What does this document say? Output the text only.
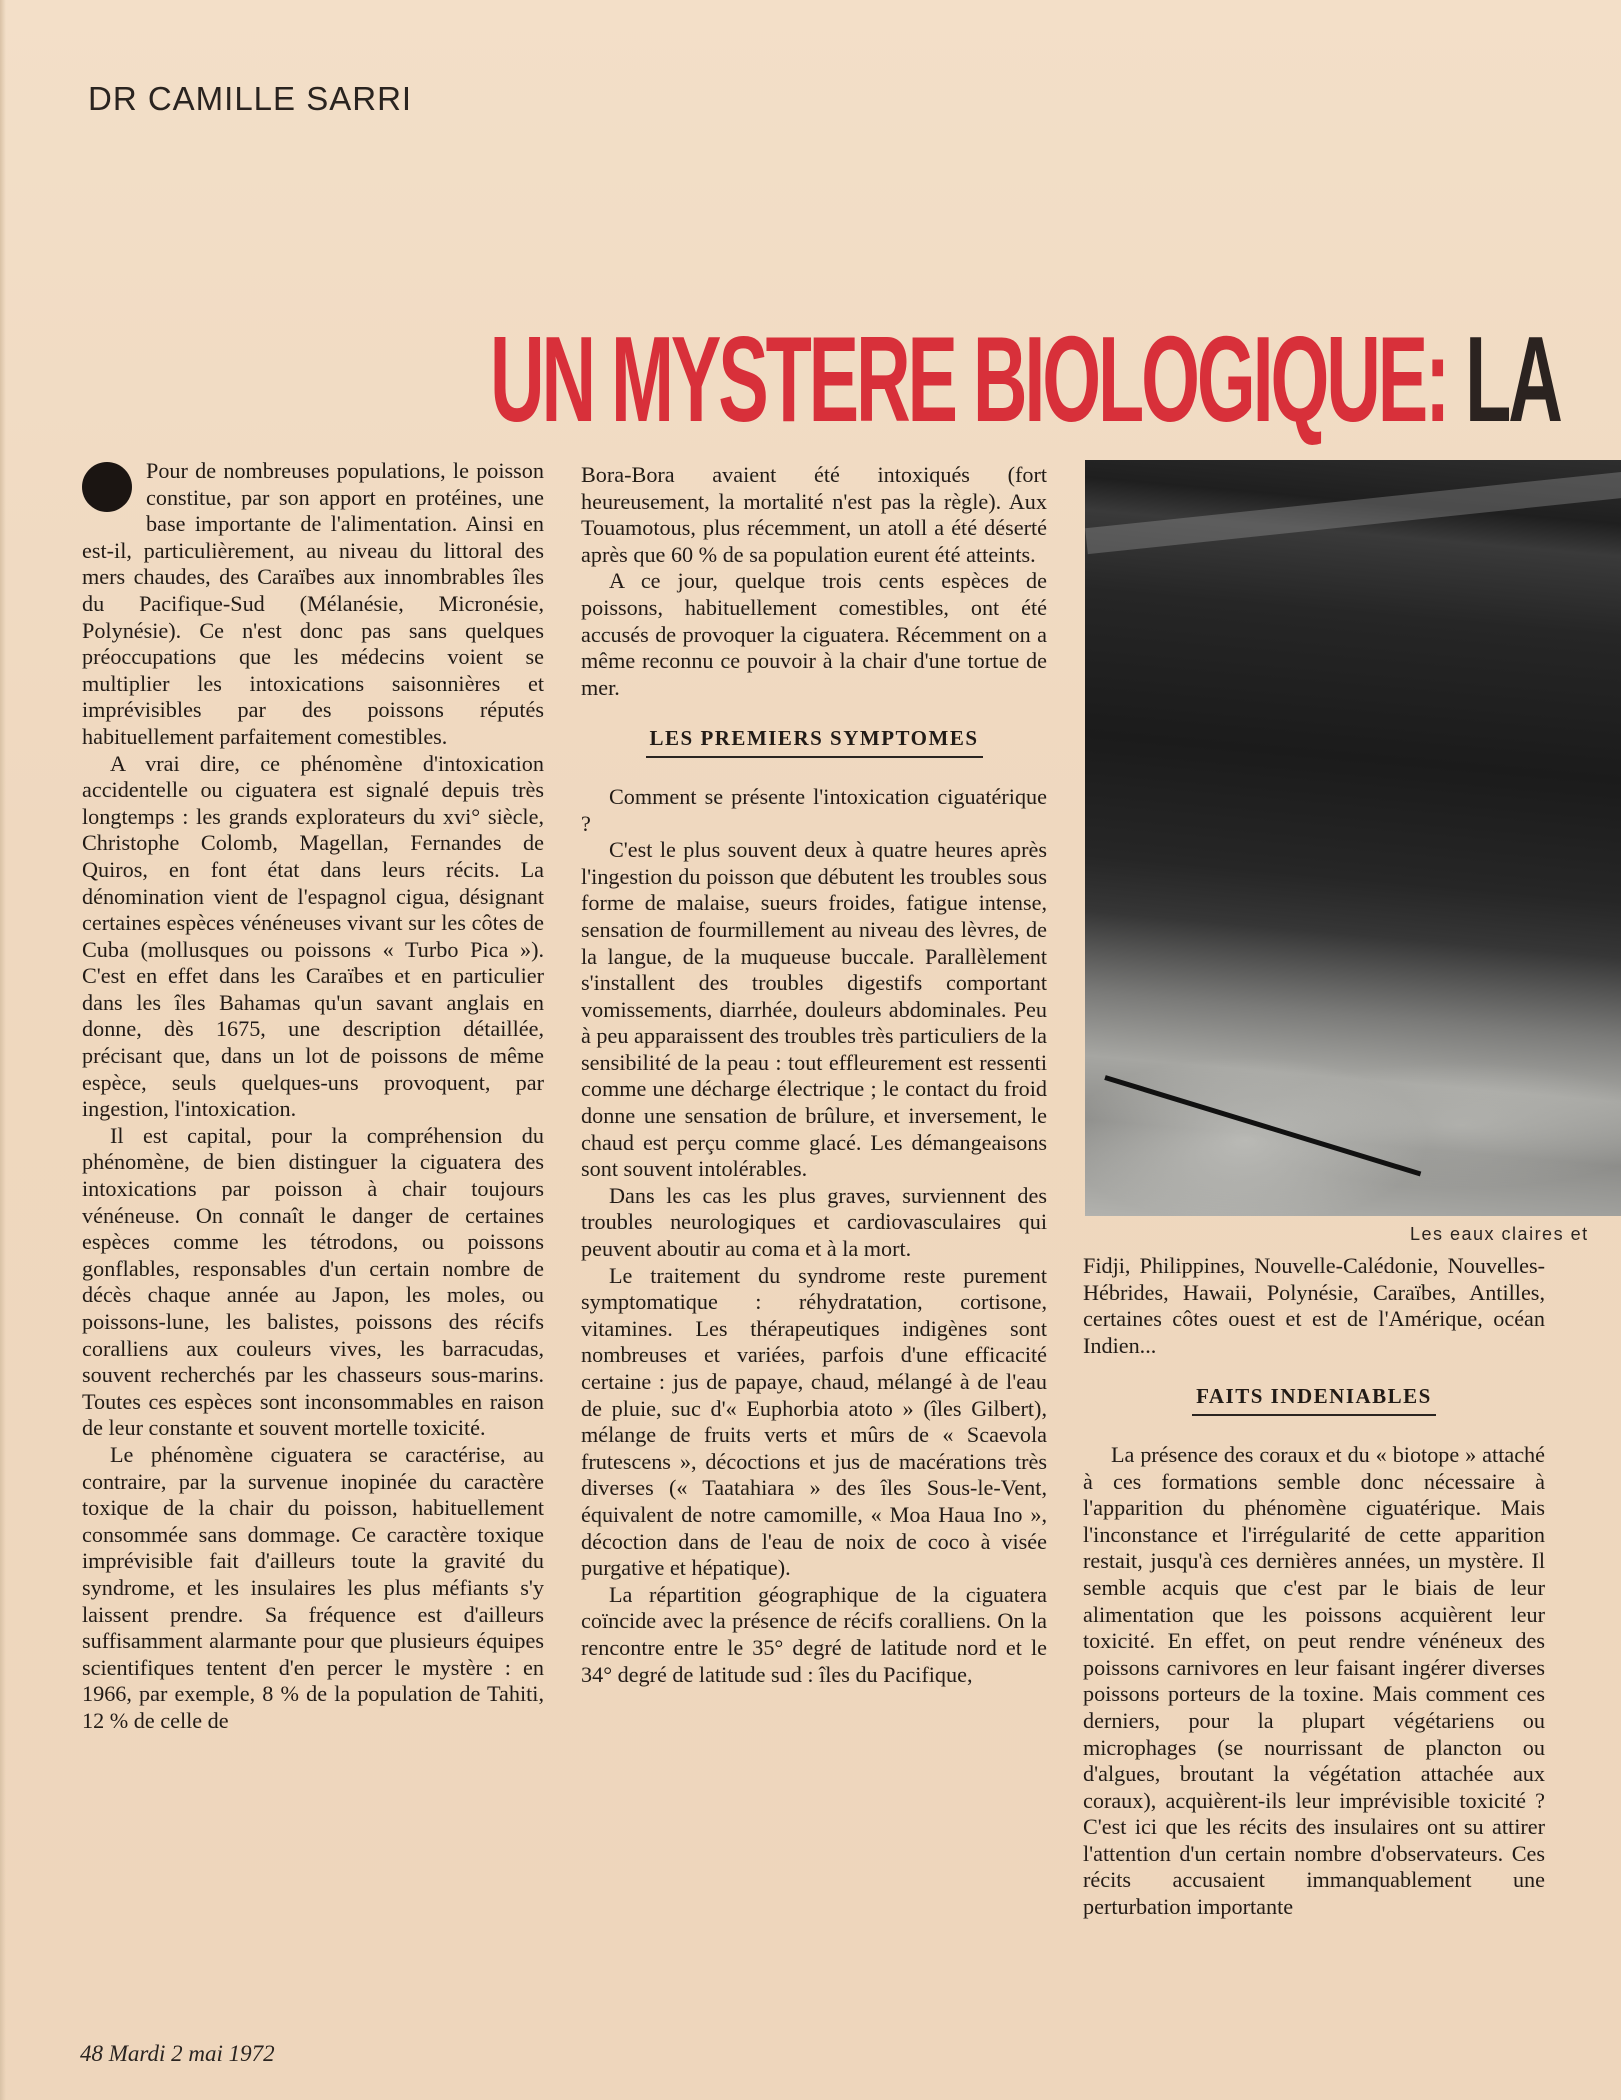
DR CAMILLE SARRI
UN MYSTERE BIOLOGIQUE: LA

Pour de nombreuses populations, le poisson constitue, par son apport en protéines, une base importante de l'alimentation. Ainsi en est-il, particulièrement, au niveau du littoral des mers chaudes, des Caraïbes aux innombrables îles du Pacifique-Sud (Mélanésie, Micronésie, Polynésie). Ce n'est donc pas sans quelques préoccupations que les médecins voient se multiplier les intoxications saisonnières et imprévisibles par des poissons réputés habituellement parfaitement comestibles.

A vrai dire, ce phénomène d'intoxication accidentelle ou ciguatera est signalé depuis très longtemps : les grands explorateurs du xvi° siècle, Christophe Colomb, Magellan, Fernandes de Quiros, en font état dans leurs récits. La dénomination vient de l'espagnol cigua, désignant certaines espèces vénéneuses vivant sur les côtes de Cuba (mollusques ou poissons « Turbo Pica »). C'est en effet dans les Caraïbes et en particulier dans les îles Bahamas qu'un savant anglais en donne, dès 1675, une description détaillée, précisant que, dans un lot de poissons de même espèce, seuls quelques-uns provoquent, par ingestion, l'intoxication.

Il est capital, pour la compréhension du phénomène, de bien distinguer la ciguatera des intoxications par poisson à chair toujours vénéneuse. On connaît le danger de certaines espèces comme les tétrodons, ou poissons gonflables, responsables d'un certain nombre de décès chaque année au Japon, les moles, ou poissons-lune, les balistes, poissons des récifs coralliens aux couleurs vives, les barracudas, souvent recherchés par les chasseurs sous-marins. Toutes ces espèces sont inconsommables en raison de leur constante et souvent mortelle toxicité.

Le phénomène ciguatera se caractérise, au contraire, par la survenue inopinée du caractère toxique de la chair du poisson, habituellement consommée sans dommage. Ce caractère toxique imprévisible fait d'ailleurs toute la gravité du syndrome, et les insulaires les plus méfiants s'y laissent prendre. Sa fréquence est d'ailleurs suffisamment alarmante pour que plusieurs équipes scientifiques tentent d'en percer le mystère : en 1966, par exemple, 8 % de la population de Tahiti, 12 % de celle de

Bora-Bora avaient été intoxiqués (fort heureusement, la mortalité n'est pas la règle). Aux Touamotous, plus récemment, un atoll a été déserté après que 60 % de sa population eurent été atteints.

A ce jour, quelque trois cents espèces de poissons, habituellement comestibles, ont été accusés de provoquer la ciguatera. Récemment on a même reconnu ce pouvoir à la chair d'une tortue de mer.

LES PREMIERS SYMPTOMES

Comment se présente l'intoxication ciguatérique ?

C'est le plus souvent deux à quatre heures après l'ingestion du poisson que débutent les troubles sous forme de malaise, sueurs froides, fatigue intense, sensation de fourmillement au niveau des lèvres, de la langue, de la muqueuse buccale. Parallèlement s'installent des troubles digestifs comportant vomissements, diarrhée, douleurs abdominales. Peu à peu apparaissent des troubles très particuliers de la sensibilité de la peau : tout effleurement est ressenti comme une décharge électrique ; le contact du froid donne une sensation de brûlure, et inversement, le chaud est perçu comme glacé. Les démangeaisons sont souvent intolérables.

Dans les cas les plus graves, surviennent des troubles neurologiques et cardiovasculaires qui peuvent aboutir au coma et à la mort.

Le traitement du syndrome reste purement symptomatique : réhydratation, cortisone, vitamines. Les thérapeutiques indigènes sont nombreuses et variées, parfois d'une efficacité certaine : jus de papaye, chaud, mélangé à de l'eau de pluie, suc d'« Euphorbia atoto » (îles Gilbert), mélange de fruits verts et mûrs de « Scaevola frutescens », décoctions et jus de macérations très diverses (« Taatahiara » des îles Sous-le-Vent, équivalent de notre camomille, « Moa Haua Ino », décoction dans de l'eau de noix de coco à visée purgative et hépatique).

La répartition géographique de la ciguatera coïncide avec la présence de récifs coralliens. On la rencontre entre le 35° degré de latitude nord et le 34° degré de latitude sud : îles du Pacifique,

Les eaux claires et

Fidji, Philippines, Nouvelle-Calédonie, Nouvelles-Hébrides, Hawaii, Polynésie, Caraïbes, Antilles, certaines côtes ouest et est de l'Amérique, océan Indien...

FAITS INDENIABLES

La présence des coraux et du « biotope » attaché à ces formations semble donc nécessaire à l'apparition du phénomène ciguatérique. Mais l'inconstance et l'irrégularité de cette apparition restait, jusqu'à ces dernières années, un mystère. Il semble acquis que c'est par le biais de leur alimentation que les poissons acquièrent leur toxicité. En effet, on peut rendre vénéneux des poissons carnivores en leur faisant ingérer diverses poissons porteurs de la toxine. Mais comment ces derniers, pour la plupart végétariens ou microphages (se nourrissant de plancton ou d'algues, broutant la végétation attachée aux coraux), acquièrent-ils leur imprévisible toxicité ? C'est ici que les récits des insulaires ont su attirer l'attention d'un certain nombre d'observateurs. Ces récits accusaient immanquablement une perturbation importante

48 Mardi 2 mai 1972
